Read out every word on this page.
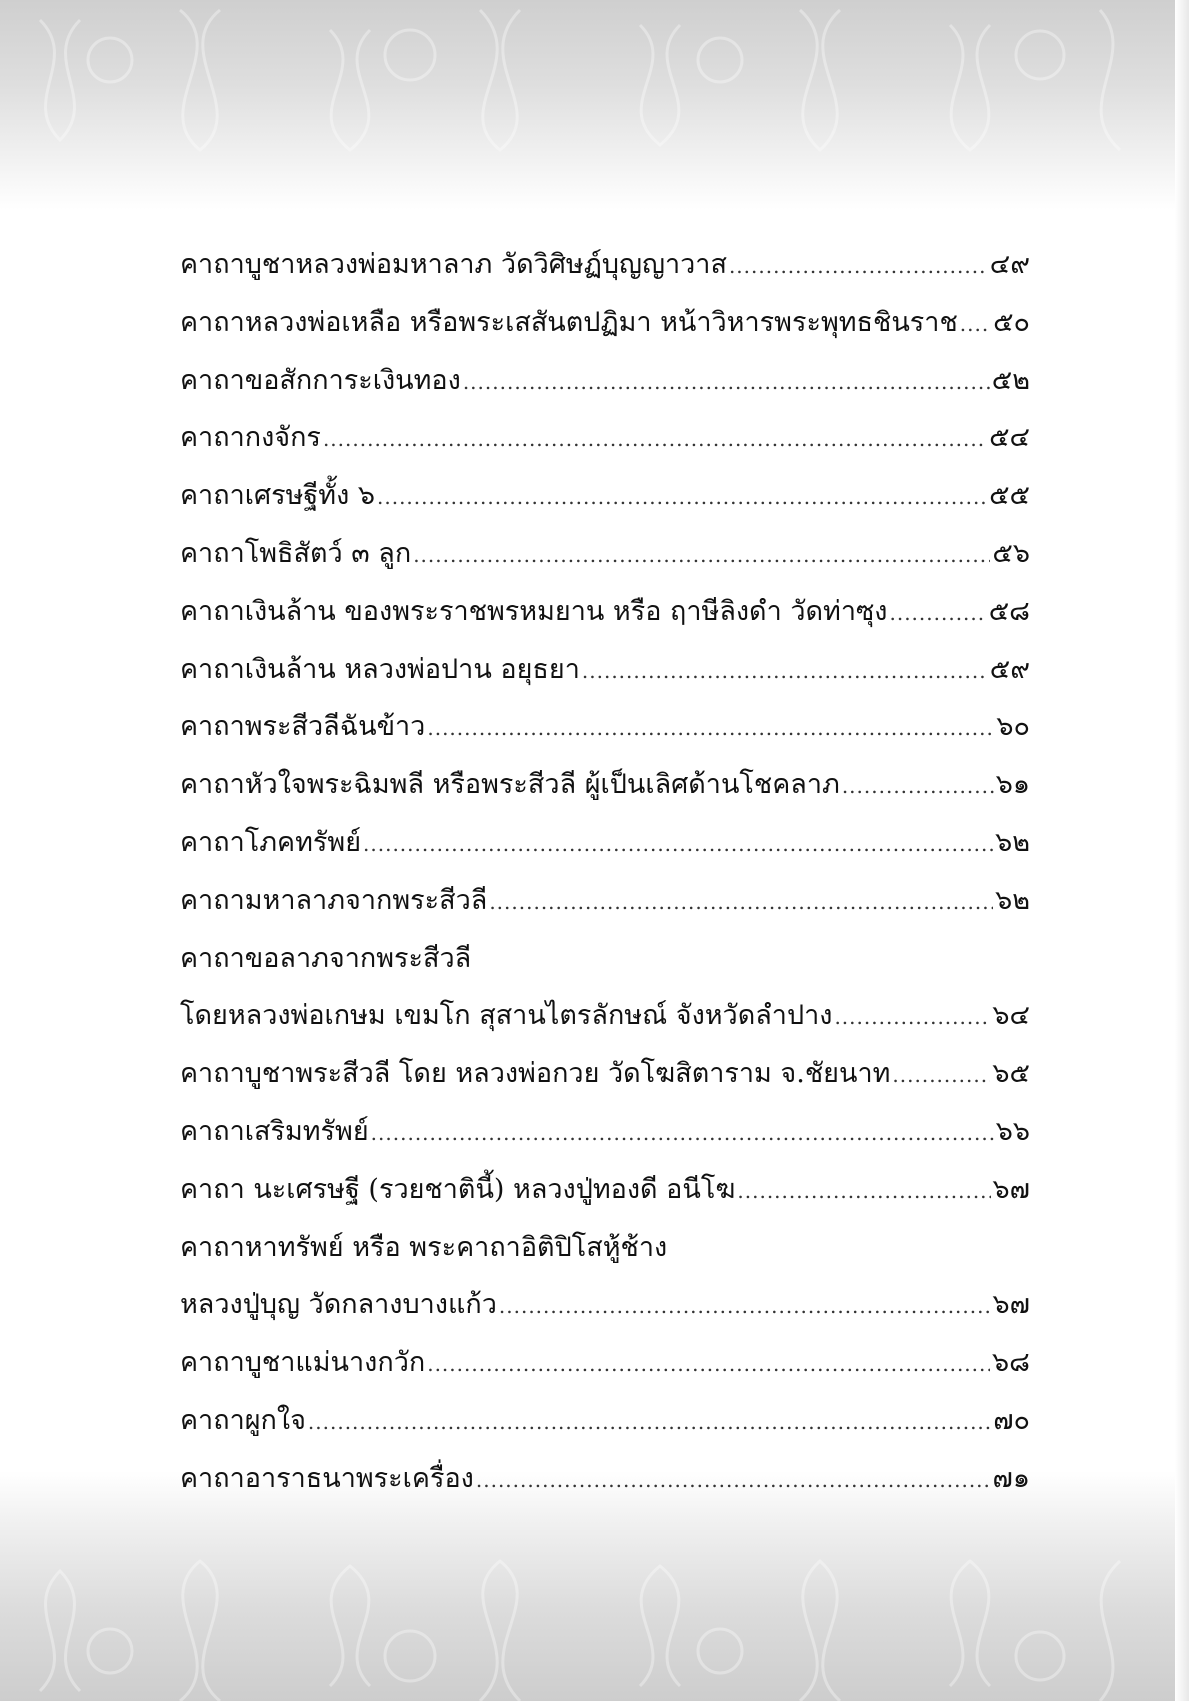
คาถาบูชาหลวงพ่อมหาลาภ วัดวิศิษฏ์บุญญาวาส .....	๔๙
คาถาหลวงพ่อเหลือ หรือพระเสสันตปฏิมา หน้าวิหารพระพุทธชินราช ..... ๕๐
คาถาขอสักการะเงินทอง .....	๕๒
คาถากงจักร .....	๕๔
คาถาเศรษฐีทั้ง ๖ .....	๕๕
คาถาโพธิสัตว์ ๓ ลูก .....	๕๖
คาถาเงินล้าน ของพระราชพรหมยาน หรือ ฤาษีลิงดำ วัดท่าซุง .....	๕๘
คาถาเงินล้าน หลวงพ่อปาน อยุธยา .....	๕๙
คาถาพระสีวลีฉันข้าว .....	๖๐
คาถาหัวใจพระฉิมพลี หรือพระสีวลี ผู้เป็นเลิศด้านโชคลาภ .....	๖๑
คาถาโภคทรัพย์ .....	๖๒
คาถามหาลาภจากพระสีวลี .....	๖๒
คาถาขอลาภจากพระสีวลี
โดยหลวงพ่อเกษม เขมโก สุสานไตรลักษณ์ จังหวัดลำปาง .....	๖๔
คาถาบูชาพระสีวลี โดย หลวงพ่อกวย วัดโฆสิตาราม จ.ชัยนาท .....	๖๕
คาถาเสริมทรัพย์ .....	๖๖
คาถา นะเศรษฐี (รวยชาตินี้) หลวงปู่ทองดี อนีโฆ .....	๖๗
คาถาหาทรัพย์ หรือ พระคาถาอิติปิโสหู้ช้าง
หลวงปู่บุญ วัดกลางบางแก้ว .....	๖๗
คาถาบูชาแม่นางกวัก .....	๖๘
คาถาผูกใจ .....	๗๐
คาถาอาราธนาพระเครื่อง .....	๗๑
